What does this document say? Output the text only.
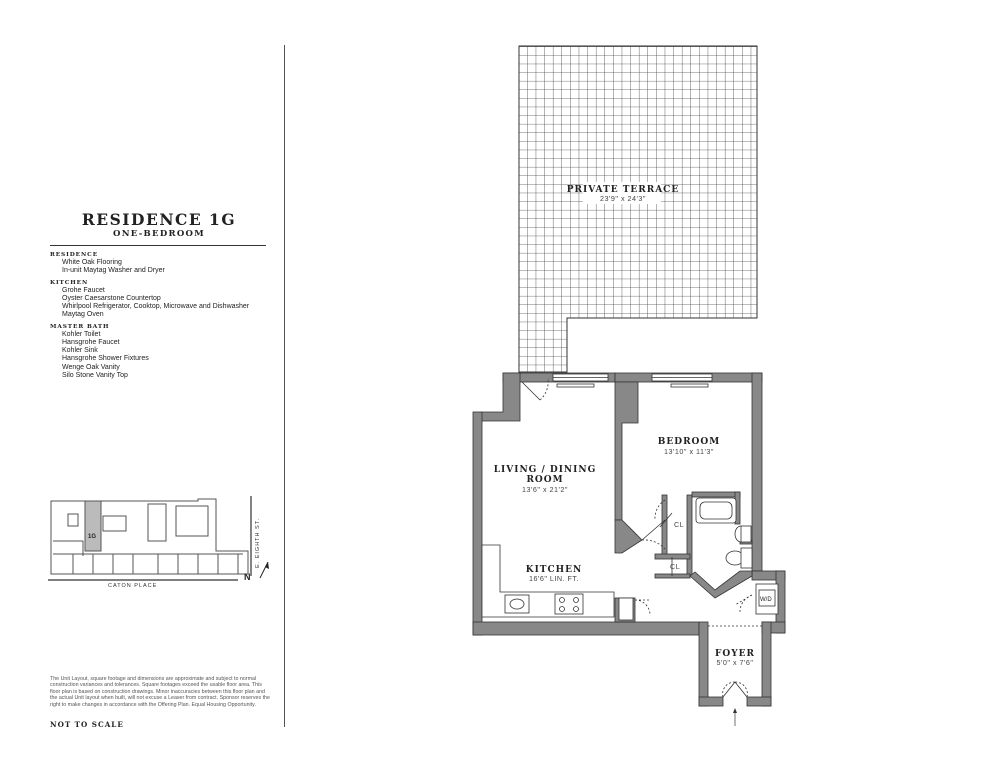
RESIDENCE 1G
ONE-BEDROOM
RESIDENCE
White Oak Flooring
In-unit Maytag Washer and Dryer
KITCHEN
Grohe Faucet
Oyster Caesarstone Countertop
Whirlpool Refrigerator, Cooktop, Microwave and Dishwasher
Maytag Oven
MASTER BATH
Kohler Toilet
Hansgrohe Faucet
Kohler Sink
Hansgrohe Shower Fixtures
Wenge Oak Vanity
Silo Stone Vanity Top
1G
CATON PLACE
E. EIGHTH ST.
N
The Unit Layout, square footage and dimensions are approximate and subject to normal construction variances and tolerances. Square footages exceed the usable floor area. This floor plan is based on construction drawings. Minor inaccuracies between this floor plan and the actual Unit layout when built, will not excuse a Leaser from contract. Sponsor reserves the right to make changes in accordance with the Offering Plan. Equal Housing Opportunity.
NOT TO SCALE
W/D
PRIVATE TERRACE
23'9" x 24'3"
BEDROOM
13'10" x 11'3"
LIVING / DINING
ROOM
13'6" x 21'2"
KITCHEN
16'6" LIN. FT.
FOYER
5'0" x 7'6"
CL
CL
